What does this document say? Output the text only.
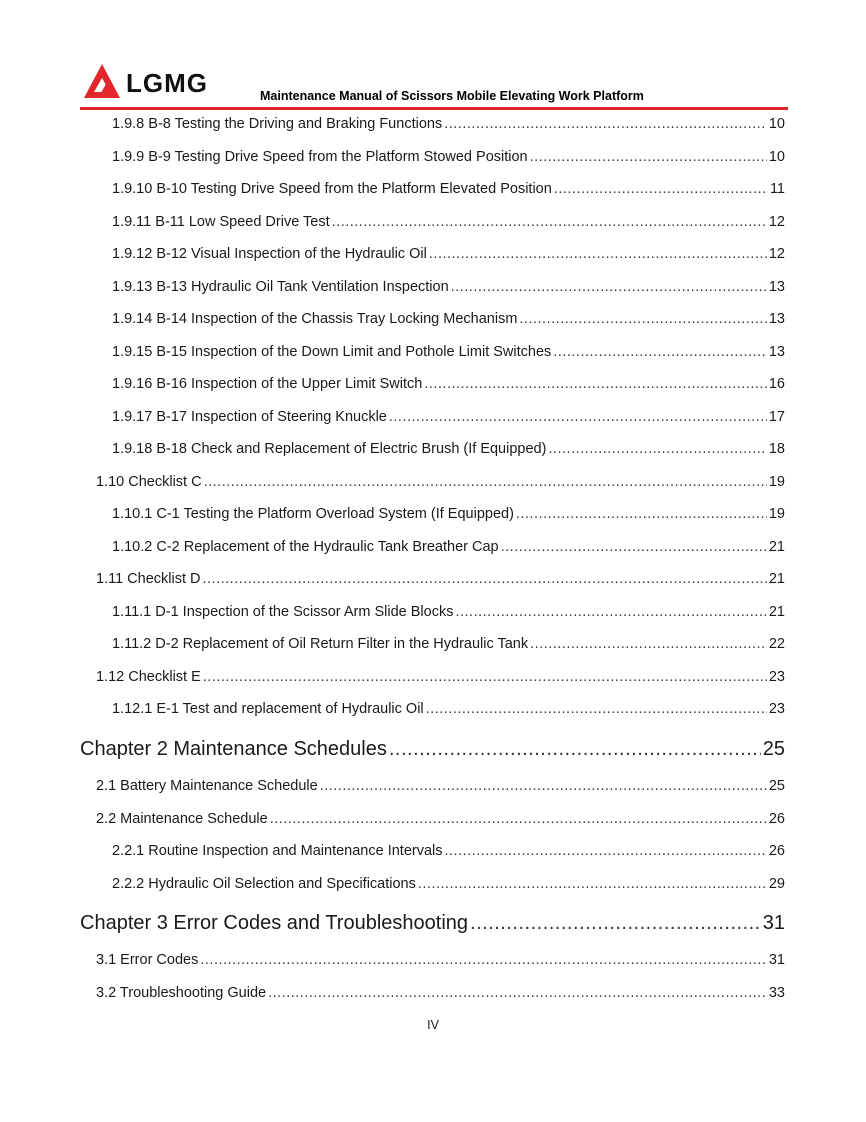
LGMG	Maintenance Manual of Scissors Mobile Elevating Work Platform
1.9.8 B-8 Testing the Driving and Braking Functions .....	10
1.9.9 B-9 Testing Drive Speed from the Platform Stowed Position .....	10
1.9.10 B-10 Testing Drive Speed from the Platform Elevated Position .....	11
1.9.11 B-11 Low Speed Drive Test .....	12
1.9.12 B-12 Visual Inspection of the Hydraulic Oil .....	12
1.9.13 B-13 Hydraulic Oil Tank Ventilation Inspection .....	13
1.9.14 B-14 Inspection of the Chassis Tray Locking Mechanism .....	13
1.9.15 B-15 Inspection of the Down Limit and Pothole Limit Switches .....	13
1.9.16 B-16 Inspection of the Upper Limit Switch .....	16
1.9.17 B-17 Inspection of Steering Knuckle .....	17
1.9.18 B-18 Check and Replacement of Electric Brush (If Equipped) .....	18
1.10 Checklist C .....	19
1.10.1 C-1 Testing the Platform Overload System (If Equipped) .....	19
1.10.2 C-2 Replacement of the Hydraulic Tank Breather Cap .....	21
1.11 Checklist D .....	21
1.11.1 D-1 Inspection of the Scissor Arm Slide Blocks .....	21
1.11.2 D-2 Replacement of Oil Return Filter in the Hydraulic Tank .....	22
1.12 Checklist E .....	23
1.12.1 E-1 Test and replacement of Hydraulic Oil .....	23
Chapter 2 Maintenance Schedules .....	25
2.1 Battery Maintenance Schedule .....	25
2.2 Maintenance Schedule .....	26
2.2.1 Routine Inspection and Maintenance Intervals .....	26
2.2.2 Hydraulic Oil Selection and Specifications .....	29
Chapter 3 Error Codes and Troubleshooting .....	31
3.1 Error Codes .....	31
3.2 Troubleshooting Guide .....	33
IV
